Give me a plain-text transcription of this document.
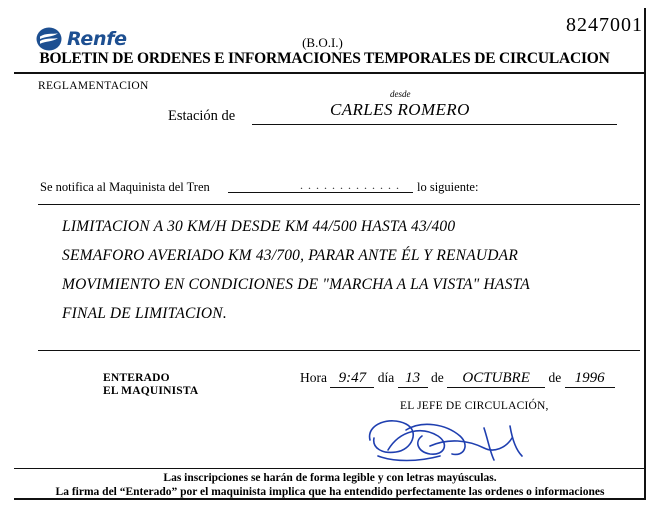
Renfe
8247001
(B.O.I.)
BOLETIN DE ORDENES E INFORMACIONES TEMPORALES DE CIRCULACION
REGLAMENTACION
Estación de
desde
CARLES ROMERO
Se notifica al Maquinista del Tren	. . . . . . . . . . . . . lo siguiente:
LIMITACION A 30 KM/H DESDE KM 44/500 HASTA 43/400
SEMAFORO AVERIADO KM 43/700, PARAR ANTE ÉL Y RENAUDAR
MOVIMIENTO EN CONDICIONES DE "MARCHA A LA VISTA" HASTA
FINAL DE LIMITACION.
ENTERADO
EL MAQUINISTA
Hora 9:47 día 13 de OCTUBRE de 1996
EL JEFE DE CIRCULACIÓN,
Las inscripciones se harán de forma legible y con letras mayúsculas.
La firma del “Enterado” por el maquinista implica que ha entendido perfectamente las ordenes o informaciones
